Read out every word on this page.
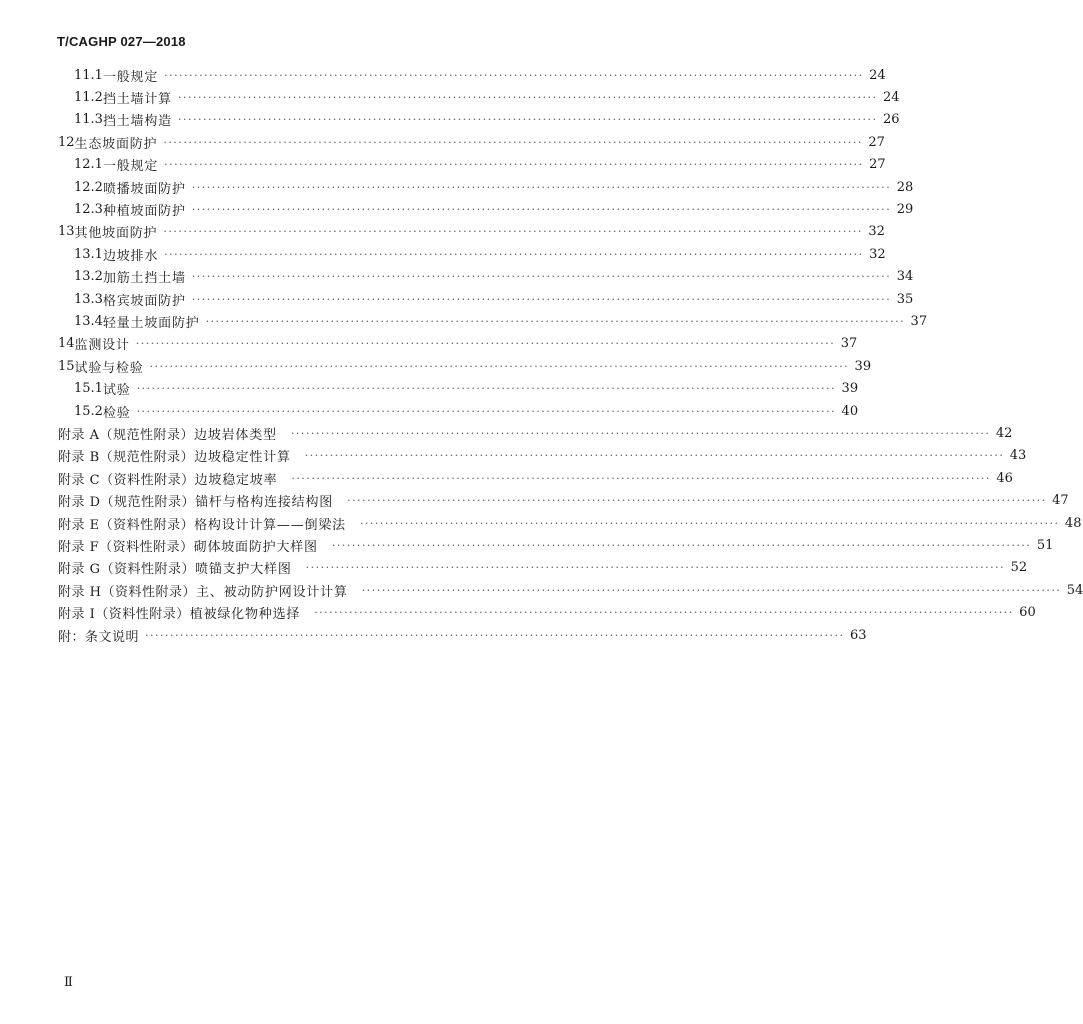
T/CAGHP 027—2018
11.1 一般规定 ············································································································································ 24
11.2 挡土墙计算 ············································································································································ 24
11.3 挡土墙构造 ············································································································································ 26
12 生态坡面防护 ············································································································································ 27
12.1 一般规定 ············································································································································ 27
12.2 喷播坡面防护 ············································································································································ 28
12.3 种植坡面防护 ············································································································································ 29
13 其他坡面防护 ············································································································································ 32
13.1 边坡排水 ············································································································································ 32
13.2 加筋土挡土墙 ············································································································································ 34
13.3 格宾坡面防护 ············································································································································ 35
13.4 轻量土坡面防护 ············································································································································ 37
14 监测设计 ············································································································································ 37
15 试验与检验 ············································································································································ 39
15.1 试验 ············································································································································ 39
15.2 检验 ············································································································································ 40
附录 A（规范性附录） 边坡岩体类型 ············································································································································ 42
附录 B（规范性附录） 边坡稳定性计算 ············································································································································ 43
附录 C（资料性附录） 边坡稳定坡率 ············································································································································ 46
附录 D（规范性附录） 锚杆与格构连接结构图 ············································································································································ 47
附录 E（资料性附录） 格构设计计算——倒梁法 ············································································································································ 48
附录 F（资料性附录） 砌体坡面防护大样图 ············································································································································ 51
附录 G（资料性附录） 喷锚支护大样图 ············································································································································ 52
附录 H（资料性附录） 主、被动防护网设计计算 ············································································································································ 54
附录 I（资料性附录） 植被绿化物种选择 ············································································································································ 60
附：条文说明 ············································································································································ 63
Ⅱ
